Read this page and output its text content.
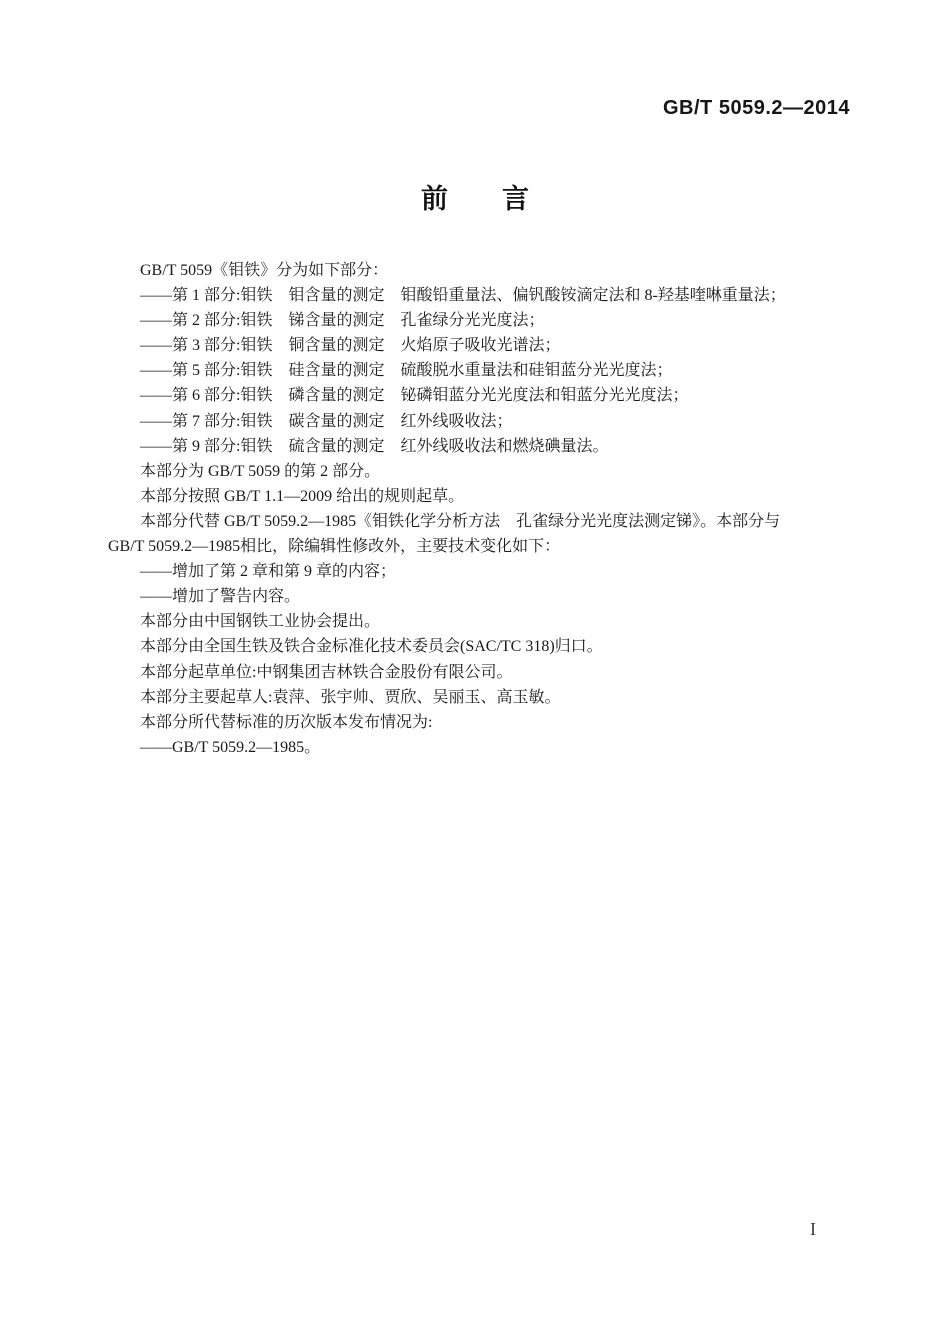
GB/T 5059.2—2014
前　　言

GB/T 5059《钼铁》分为如下部分：

——第 1 部分:钼铁　钼含量的测定　钼酸铅重量法、偏钒酸铵滴定法和 8-羟基喹啉重量法；

——第 2 部分:钼铁　锑含量的测定　孔雀绿分光光度法；

——第 3 部分:钼铁　铜含量的测定　火焰原子吸收光谱法；

——第 5 部分:钼铁　硅含量的测定　硫酸脱水重量法和硅钼蓝分光光度法；

——第 6 部分:钼铁　磷含量的测定　铋磷钼蓝分光光度法和钼蓝分光光度法；

——第 7 部分:钼铁　碳含量的测定　红外线吸收法；

——第 9 部分:钼铁　硫含量的测定　红外线吸收法和燃烧碘量法。

本部分为 GB/T 5059 的第 2 部分。

本部分按照 GB/T 1.1—2009 给出的规则起草。

本部分代替 GB/T 5059.2—1985《钼铁化学分析方法　孔雀绿分光光度法测定锑》。本部分与

GB/T 5059.2—1985相比，除编辑性修改外，主要技术变化如下：

——增加了第 2 章和第 9 章的内容；

——增加了警告内容。

本部分由中国钢铁工业协会提出。

本部分由全国生铁及铁合金标准化技术委员会(SAC/TC 318)归口。

本部分起草单位:中钢集团吉林铁合金股份有限公司。

本部分主要起草人:袁萍、张宇帅、贾欣、吴丽玉、高玉敏。

本部分所代替标准的历次版本发布情况为:

——GB/T 5059.2—1985。

I
